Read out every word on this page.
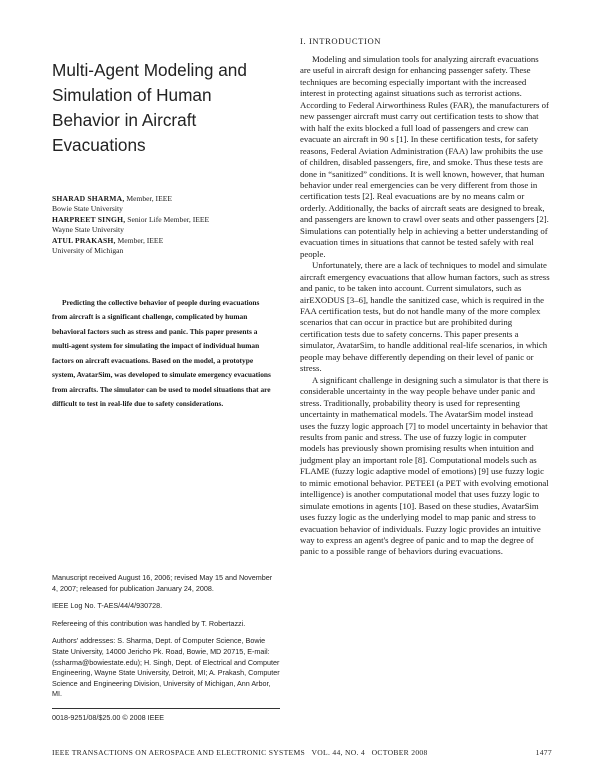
Multi-Agent Modeling and Simulation of Human Behavior in Aircraft Evacuations
SHARAD SHARMA, Member, IEEE
Bowie State University
HARPREET SINGH, Senior Life Member, IEEE
Wayne State University
ATUL PRAKASH, Member, IEEE
University of Michigan
Predicting the collective behavior of people during evacuations from aircraft is a significant challenge, complicated by human behavioral factors such as stress and panic. This paper presents a multi-agent system for simulating the impact of individual human factors on aircraft evacuations. Based on the model, a prototype system, AvatarSim, was developed to simulate emergency evacuations from aircrafts. The simulator can be used to model situations that are difficult to test in real-life due to safety considerations.

Manuscript received August 16, 2006; revised May 15 and November 4, 2007; released for publication January 24, 2008.

IEEE Log No. T-AES/44/4/930728.

Refereeing of this contribution was handled by T. Robertazzi.

Authors' addresses: S. Sharma, Dept. of Computer Science, Bowie State University, 14000 Jericho Pk. Road, Bowie, MD 20715, E-mail: (ssharma@bowiestate.edu); H. Singh, Dept. of Electrical and Computer Engineering, Wayne State University, Detroit, MI; A. Prakash, Computer Science and Engineering Division, University of Michigan, Ann Arbor, MI.

0018-9251/08/$25.00 © 2008 IEEE

I. INTRODUCTION

Modeling and simulation tools for analyzing aircraft evacuations are useful in aircraft design for enhancing passenger safety. These techniques are becoming especially important with the increased interest in protecting against situations such as terrorist actions. According to Federal Airworthiness Rules (FAR), the manufacturers of new passenger aircraft must carry out certification tests to show that with half the exits blocked a full load of passengers and crew can evacuate an aircraft in 90 s [1]. In these certification tests, for safety reasons, Federal Aviation Administration (FAA) law prohibits the use of children, disabled passengers, fire, and smoke. Thus these tests are done in “sanitized” conditions. It is well known, however, that human behavior under real emergencies can be very different from those in certification tests [2]. Real evacuations are by no means calm or orderly. Additionally, the backs of aircraft seats are designed to break, and passengers are known to crawl over seats and other passengers [2]. Simulations can potentially help in achieving a better understanding of evacuation times in situations that cannot be tested safely with real people.

Unfortunately, there are a lack of techniques to model and simulate aircraft emergency evacuations that allow human factors, such as stress and panic, to be taken into account. Current simulators, such as airEXODUS [3–6], handle the sanitized case, which is required in the FAA certification tests, but do not handle many of the more complex scenarios that can occur in practice but are prohibited during certification tests due to safety concerns. This paper presents a simulator, AvatarSim, to handle additional real-life scenarios, in which people may behave differently depending on their level of panic or stress.

A significant challenge in designing such a simulator is that there is considerable uncertainty in the way people behave under panic and stress. Traditionally, probability theory is used for representing uncertainty in mathematical models. The AvatarSim model instead uses the fuzzy logic approach [7] to model uncertainty in behavior that results from panic and stress. The use of fuzzy logic in computer models has previously shown promising results when intuition and judgment play an important role [8]. Computational models such as FLAME (fuzzy logic adaptive model of emotions) [9] use fuzzy logic to mimic emotional behavior. PETEEI (a PET with evolving emotional intelligence) is another computational model that uses fuzzy logic to simulate emotions in agents [10]. Based on these studies, AvatarSim uses fuzzy logic as the underlying model to map panic and stress to evacuation behavior of individuals. Fuzzy logic provides an intuitive way to express an agent's degree of panic and to map the degree of panic to a possible range of behaviors during evacuations.

IEEE TRANSACTIONS ON AEROSPACE AND ELECTRONIC SYSTEMS   VOL. 44, NO. 4   OCTOBER 2008	1477
